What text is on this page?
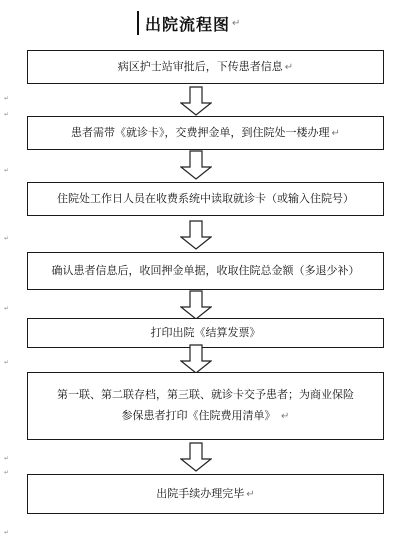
出院流程图 ↵
病区护士站审批后，下传患者信息 ↵
患者需带《就诊卡》，交费押金单，到住院处一楼办理 ↵
住院处工作日人员在收费系统中读取就诊卡（或输入住院号）
确认患者信息后，收回押金单据，收取住院总金额（多退少补）
打印出院《结算发票》
第一联、第二联存档，第三联、就诊卡交予患者；为商业保险
参保患者打印《住院费用清单》 ↵
出院手续办理完毕 ↵
↵
↵
↵
↵
↵
↵
↵
↵
↵
